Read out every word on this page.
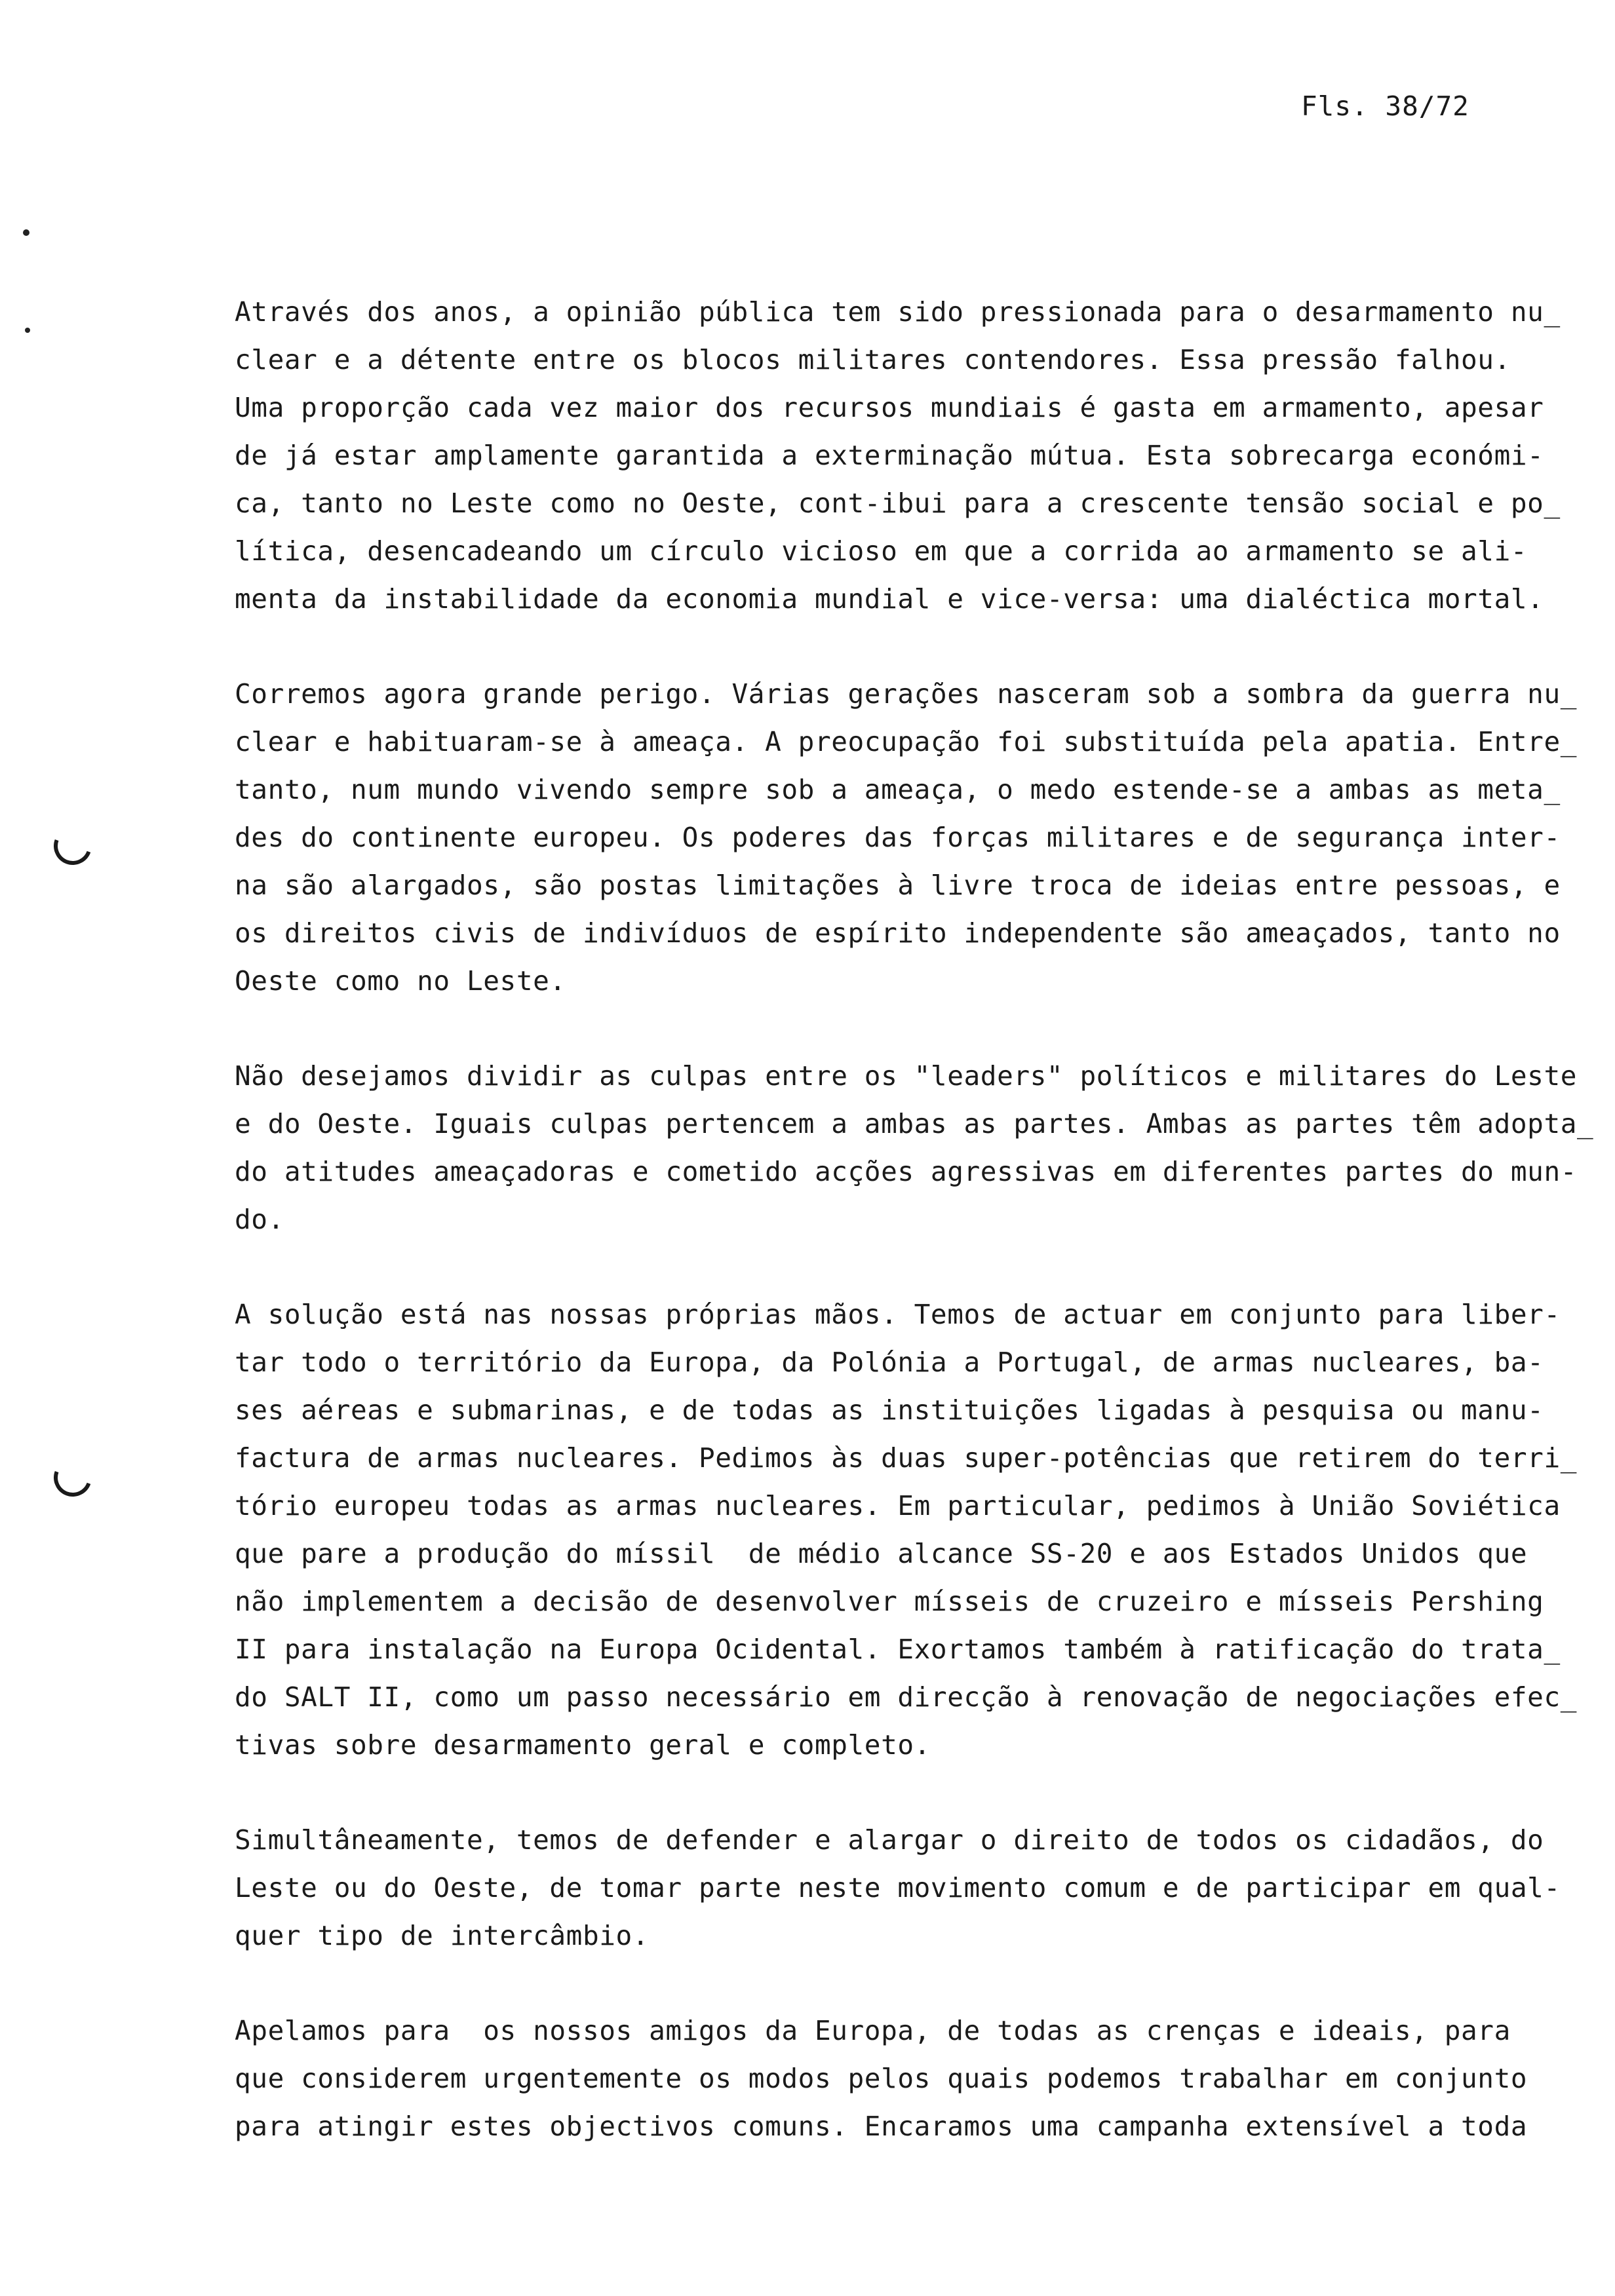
Fls. 38/72
Através dos anos, a opinião pública tem sido pressionada para o desarmamento nu_
clear e a détente entre os blocos militares contendores. Essa pressão falhou.
Uma proporção cada vez maior dos recursos mundiais é gasta em armamento, apesar
de já estar amplamente garantida a exterminação mútua. Esta sobrecarga económi-
ca, tanto no Leste como no Oeste, cont-ibui para a crescente tensão social e po_
lítica, desencadeando um círculo vicioso em que a corrida ao armamento se ali-
menta da instabilidade da economia mundial e vice-versa: uma dialéctica mortal.
Corremos agora grande perigo. Várias gerações nasceram sob a sombra da guerra nu_
clear e habituaram-se à ameaça. A preocupação foi substituída pela apatia. Entre_
tanto, num mundo vivendo sempre sob a ameaça, o medo estende-se a ambas as meta_
des do continente europeu. Os poderes das forças militares e de segurança inter-
na são alargados, são postas limitações à livre troca de ideias entre pessoas, e
os direitos civis de indivíduos de espírito independente são ameaçados, tanto no
Oeste como no Leste.
Não desejamos dividir as culpas entre os "leaders" políticos e militares do Leste
e do Oeste. Iguais culpas pertencem a ambas as partes. Ambas as partes têm adopta_
do atitudes ameaçadoras e cometido acções agressivas em diferentes partes do mun-
do.
A solução está nas nossas próprias mãos. Temos de actuar em conjunto para liber-
tar todo o território da Europa, da Polónia a Portugal, de armas nucleares, ba-
ses aéreas e submarinas, e de todas as instituições ligadas à pesquisa ou manu-
factura de armas nucleares. Pedimos às duas super-potências que retirem do terri_
tório europeu todas as armas nucleares. Em particular, pedimos à União Soviética
que pare a produção do míssil  de médio alcance SS-20 e aos Estados Unidos que
não implementem a decisão de desenvolver mísseis de cruzeiro e mísseis Pershing
II para instalação na Europa Ocidental. Exortamos também à ratificação do trata_
do SALT II, como um passo necessário em direcção à renovação de negociações efec_
tivas sobre desarmamento geral e completo.
Simultâneamente, temos de defender e alargar o direito de todos os cidadãos, do
Leste ou do Oeste, de tomar parte neste movimento comum e de participar em qual-
quer tipo de intercâmbio.
Apelamos para  os nossos amigos da Europa, de todas as crenças e ideais, para
que considerem urgentemente os modos pelos quais podemos trabalhar em conjunto
para atingir estes objectivos comuns. Encaramos uma campanha extensível a toda
